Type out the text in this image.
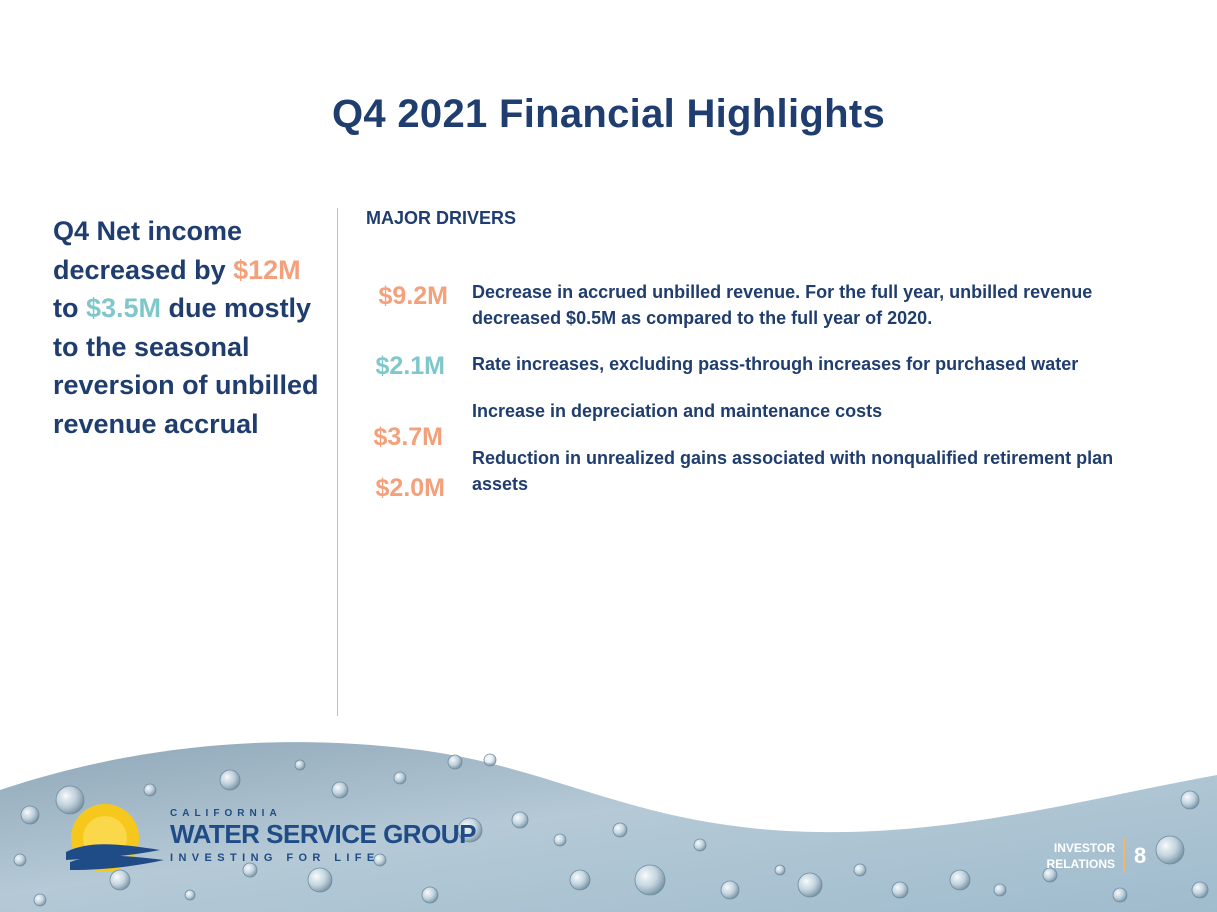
Q4 2021 Financial Highlights
Q4 Net income decreased by $12M to $3.5M due mostly to the seasonal reversion of unbilled revenue accrual
MAJOR DRIVERS
$9.2M
$2.1M
$3.7M
$2.0M
Decrease in accrued unbilled revenue. For the full year, unbilled revenue decreased $0.5M as compared to the full year of 2020.
Rate increases, excluding pass-through increases for purchased water
Increase in depreciation and maintenance costs
Reduction in unrealized gains associated with nonqualified retirement plan assets
CALIFORNIA
WATER SERVICE GROUP
INVESTING FOR LIFE
INVESTOR
RELATIONS 8
